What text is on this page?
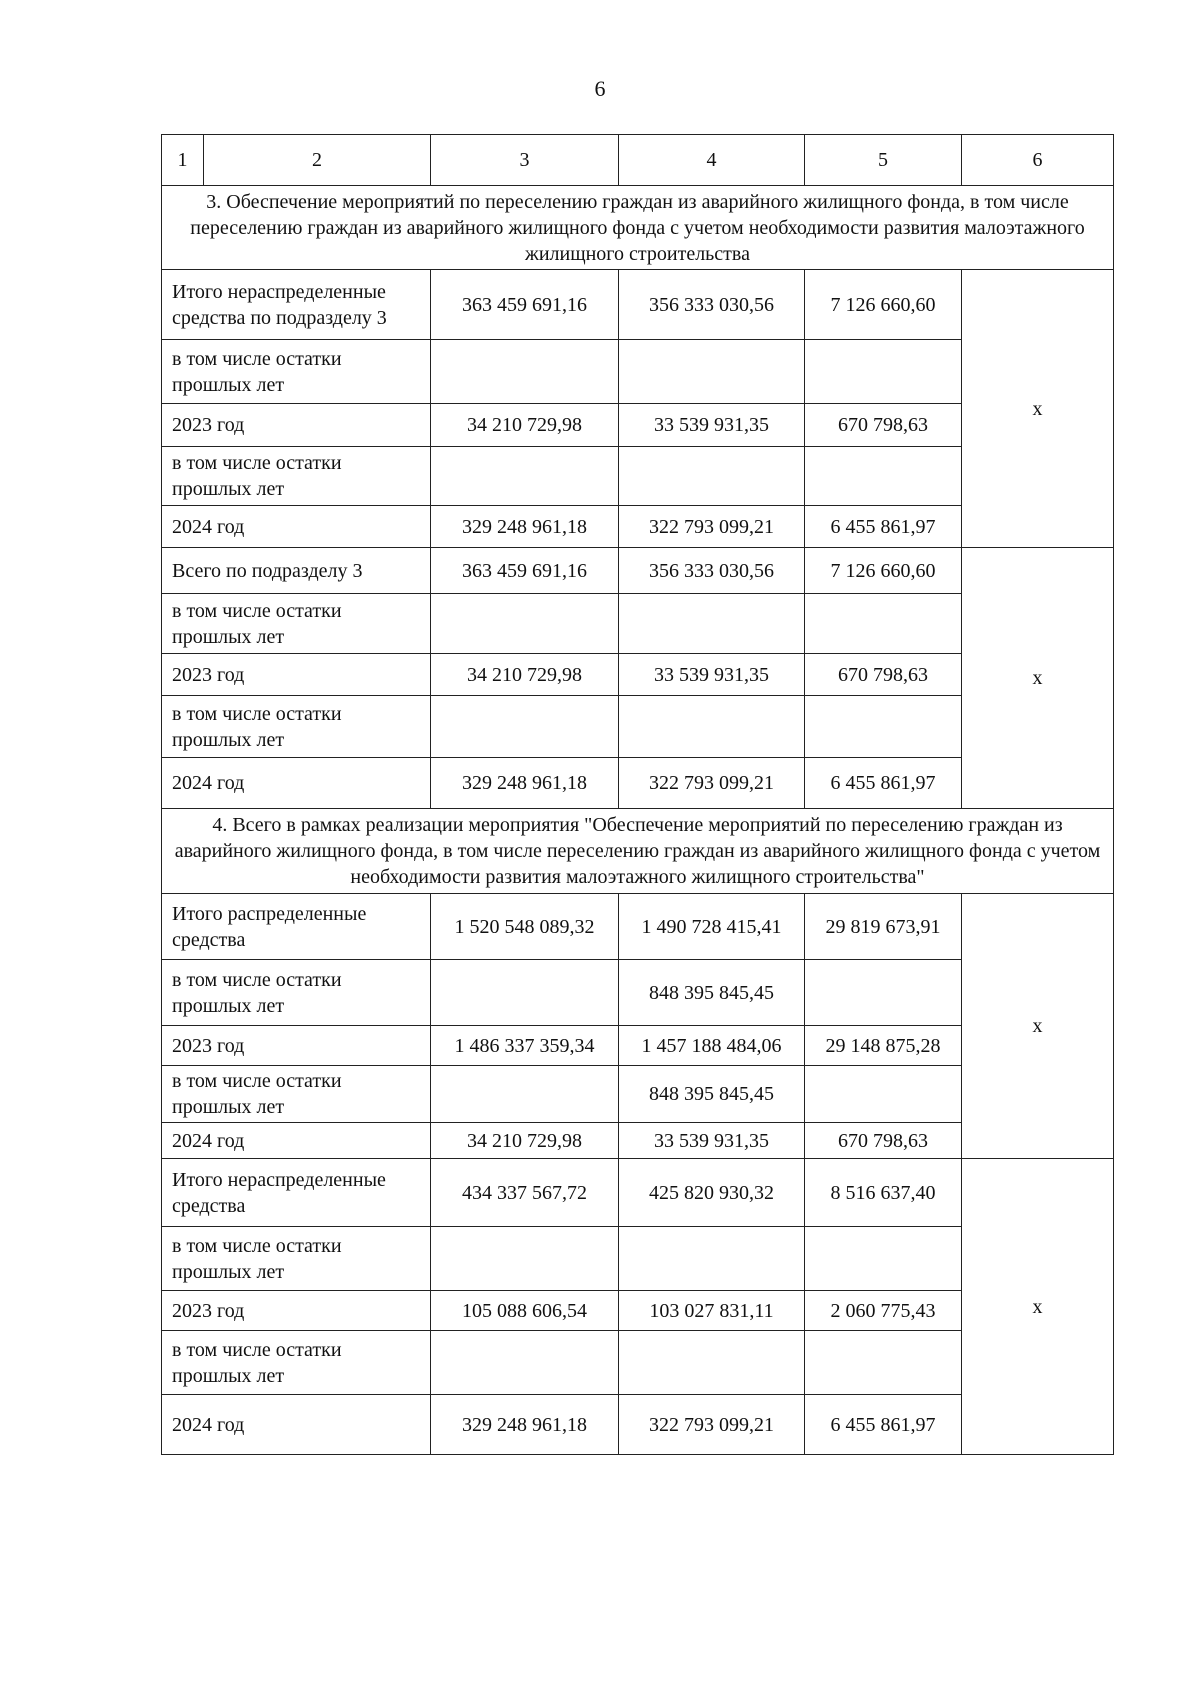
6
1	2	3	4	5	6
3. Обеспечение мероприятий по переселению граждан из аварийного жилищного фонда, в том числе переселению граждан из аварийного жилищного фонда с учетом необходимости развития малоэтажного жилищного строительства					
Итого нераспределенные средства по подразделу 3		363 459 691,16	356 333 030,56	7 126 660,60	х
в том числе остатки прошлых лет					
2023 год		34 210 729,98	33 539 931,35	670 798,63	
в том числе остатки прошлых лет					
2024 год		329 248 961,18	322 793 099,21	6 455 861,97	
Всего по подразделу 3		363 459 691,16	356 333 030,56	7 126 660,60	х
в том числе остатки прошлых лет					
2023 год		34 210 729,98	33 539 931,35	670 798,63	
в том числе остатки прошлых лет					
2024 год		329 248 961,18	322 793 099,21	6 455 861,97	
4. Всего в рамках реализации мероприятия "Обеспечение мероприятий по переселению граждан из аварийного жилищного фонда, в том числе переселению граждан из аварийного жилищного фонда с учетом необходимости развития малоэтажного жилищного строительства"					
Итого распределенные средства		1 520 548 089,32	1 490 728 415,41	29 819 673,91	х
в том числе остатки прошлых лет			848 395 845,45		
2023 год		1 486 337 359,34	1 457 188 484,06	29 148 875,28	
в том числе остатки прошлых лет			848 395 845,45		
2024 год		34 210 729,98	33 539 931,35	670 798,63	
Итого нераспределенные средства		434 337 567,72	425 820 930,32	8 516 637,40	х
в том числе остатки прошлых лет					
2023 год		105 088 606,54	103 027 831,11	2 060 775,43	
в том числе остатки прошлых лет					
2024 год		329 248 961,18	322 793 099,21	6 455 861,97	
